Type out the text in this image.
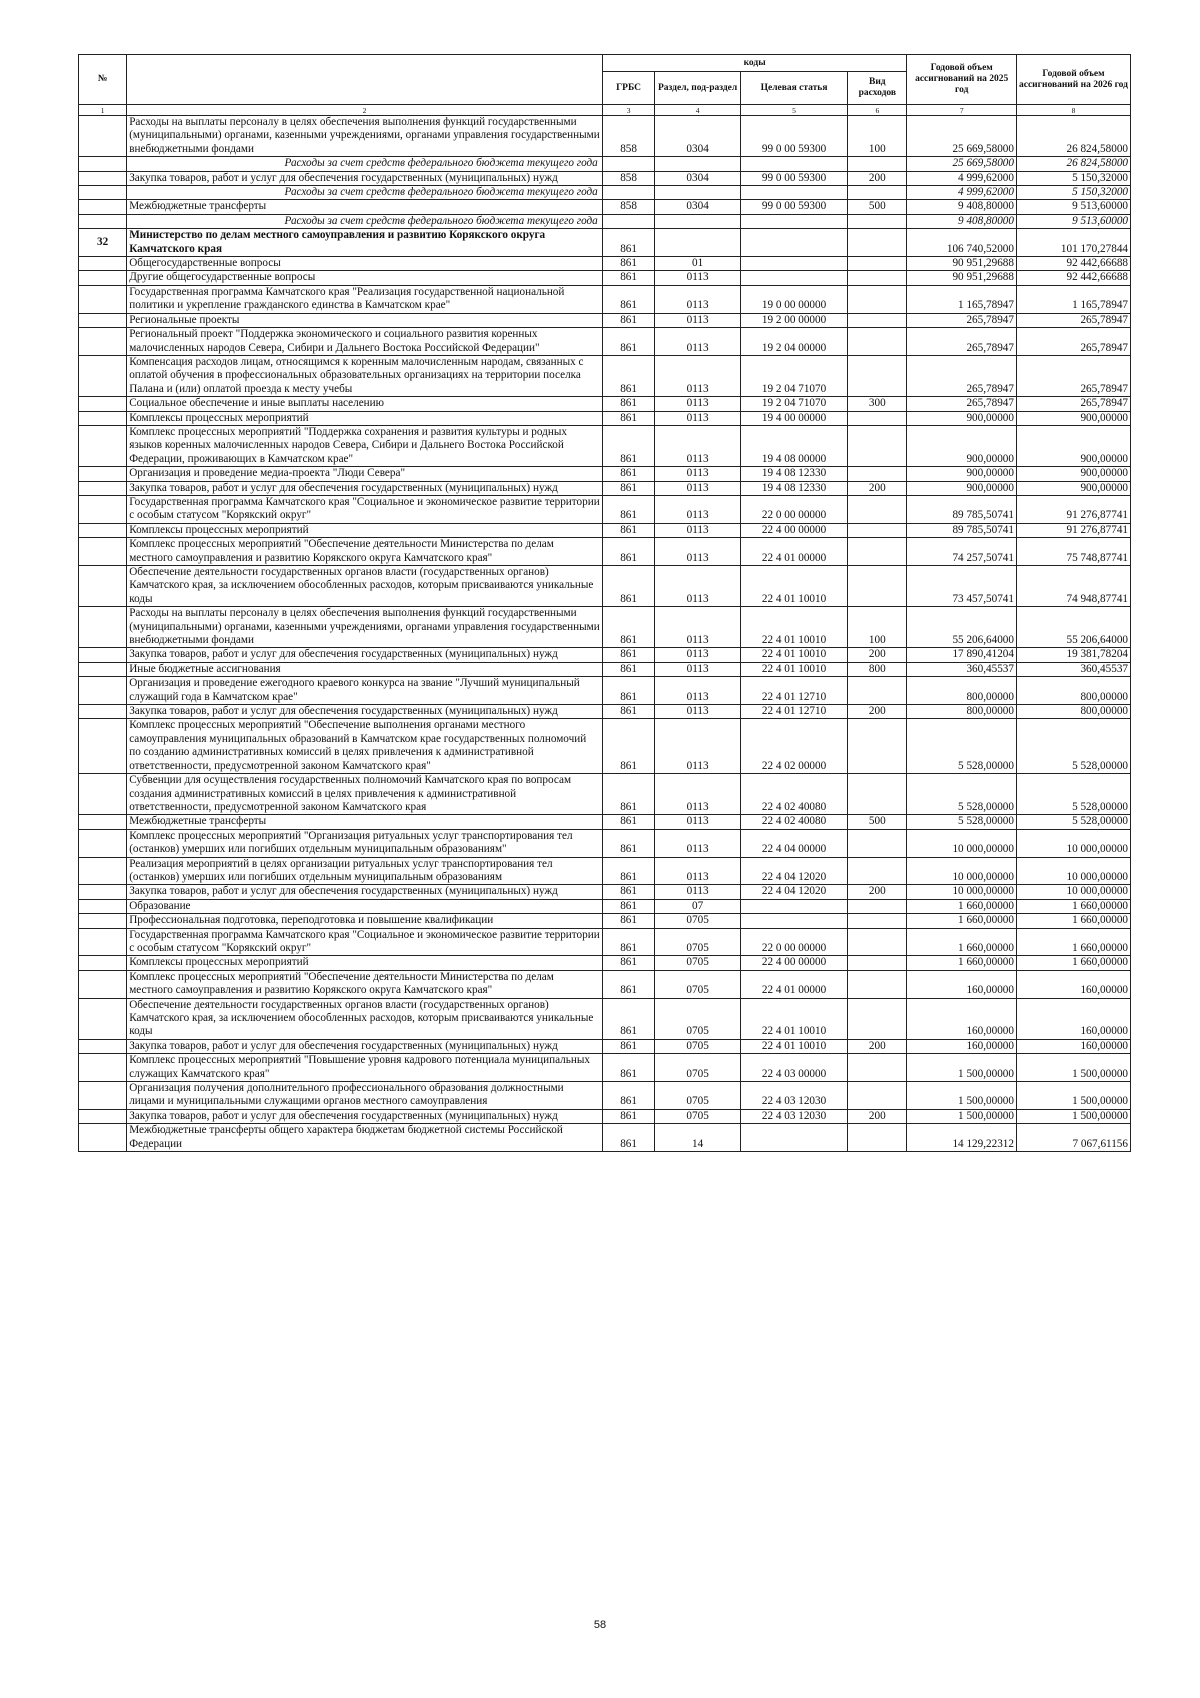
№		коды				Годовой объем ассигнований на 2025 год	Годовой объем ассигнований на 2026 год
		ГРБС	Раздел, под-раздел	Целевая статья	Вид расходов		
1	2	3	4	5	6	7	8
	Расходы на выплаты персоналу в целях обеспечения выполнения функций государственными (муниципальными) органами, казенными учреждениями, органами управления государственными внебюджетными фондами	858	0304	99 0 00 59300	100	25 669,58000	26 824,58000
	Расходы за счет средств федерального бюджета текущего года					25 669,58000	26 824,58000
	Закупка товаров, работ и услуг для обеспечения государственных (муниципальных) нужд	858	0304	99 0 00 59300	200	4 999,62000	5 150,32000
	Расходы за счет средств федерального бюджета текущего года					4 999,62000	5 150,32000
	Межбюджетные трансферты	858	0304	99 0 00 59300	500	9 408,80000	9 513,60000
	Расходы за счет средств федерального бюджета текущего года					9 408,80000	9 513,60000
32	Министерство по делам местного самоуправления и развитию Корякского округа Камчатского края	861				106 740,52000	101 170,27844
	Общегосударственные вопросы	861	01			90 951,29688	92 442,66688
	Другие общегосударственные вопросы	861	0113			90 951,29688	92 442,66688
	Государственная программа Камчатского края "Реализация государственной национальной политики и укрепление гражданского единства в Камчатском крае"	861	0113	19 0 00 00000		1 165,78947	1 165,78947
	Региональные проекты	861	0113	19 2 00 00000		265,78947	265,78947
	Региональный проект "Поддержка экономического и социального развития коренных малочисленных народов Севера, Сибири и Дальнего Востока Российской Федерации"	861	0113	19 2 04 00000		265,78947	265,78947
	Компенсация расходов лицам, относящимся к коренным малочисленным народам, связанных с оплатой обучения в профессиональных образовательных организациях на территории поселка Палана и (или) оплатой проезда к месту учебы	861	0113	19 2 04 71070		265,78947	265,78947
	Социальное обеспечение и иные выплаты населению	861	0113	19 2 04 71070	300	265,78947	265,78947
	Комплексы процессных мероприятий	861	0113	19 4 00 00000		900,00000	900,00000
	Комплекс процессных мероприятий "Поддержка сохранения и развития культуры и родных языков коренных малочисленных народов Севера, Сибири и Дальнего Востока Российской Федерации, проживающих в Камчатском крае"	861	0113	19 4 08 00000		900,00000	900,00000
	Организация и проведение медиа-проекта "Люди Севера"	861	0113	19 4 08 12330		900,00000	900,00000
	Закупка товаров, работ и услуг для обеспечения государственных (муниципальных) нужд	861	0113	19 4 08 12330	200	900,00000	900,00000
	Государственная программа Камчатского края "Социальное и экономическое развитие территории с особым статусом "Корякский округ"	861	0113	22 0 00 00000		89 785,50741	91 276,87741
	Комплексы процессных мероприятий	861	0113	22 4 00 00000		89 785,50741	91 276,87741
	Комплекс процессных мероприятий "Обеспечение деятельности Министерства по делам местного самоуправления и развитию Корякского округа Камчатского края"	861	0113	22 4 01 00000		74 257,50741	75 748,87741
	Обеспечение деятельности государственных органов власти (государственных органов) Камчатского края, за исключением обособленных расходов, которым присваиваются уникальные коды	861	0113	22 4 01 10010		73 457,50741	74 948,87741
	Расходы на выплаты персоналу в целях обеспечения выполнения функций государственными (муниципальными) органами, казенными учреждениями, органами управления государственными внебюджетными фондами	861	0113	22 4 01 10010	100	55 206,64000	55 206,64000
	Закупка товаров, работ и услуг для обеспечения государственных (муниципальных) нужд	861	0113	22 4 01 10010	200	17 890,41204	19 381,78204
	Иные бюджетные ассигнования	861	0113	22 4 01 10010	800	360,45537	360,45537
	Организация и проведение ежегодного краевого конкурса на звание "Лучший муниципальный служащий года в Камчатском крае"	861	0113	22 4 01 12710		800,00000	800,00000
	Закупка товаров, работ и услуг для обеспечения государственных (муниципальных) нужд	861	0113	22 4 01 12710	200	800,00000	800,00000
	Комплекс процессных мероприятий "Обеспечение выполнения органами местного самоуправления муниципальных образований в Камчатском крае государственных полномочий по созданию административных комиссий в целях привлечения к административной ответственности, предусмотренной законом Камчатского края"	861	0113	22 4 02 00000		5 528,00000	5 528,00000
	Субвенции для осуществления государственных полномочий Камчатского края по вопросам создания административных комиссий в целях привлечения к административной ответственности, предусмотренной законом Камчатского края	861	0113	22 4 02 40080		5 528,00000	5 528,00000
	Межбюджетные трансферты	861	0113	22 4 02 40080	500	5 528,00000	5 528,00000
	Комплекс процессных мероприятий "Организация ритуальных услуг транспортирования тел (останков) умерших или погибших отдельным муниципальным образованиям"	861	0113	22 4 04 00000		10 000,00000	10 000,00000
	Реализация мероприятий в целях организации ритуальных услуг транспортирования тел (останков) умерших или погибших отдельным муниципальным образованиям	861	0113	22 4 04 12020		10 000,00000	10 000,00000
	Закупка товаров, работ и услуг для обеспечения государственных (муниципальных) нужд	861	0113	22 4 04 12020	200	10 000,00000	10 000,00000
	Образование	861	07			1 660,00000	1 660,00000
	Профессиональная подготовка, переподготовка и повышение квалификации	861	0705			1 660,00000	1 660,00000
	Государственная программа Камчатского края "Социальное и экономическое развитие территории с особым статусом "Корякский округ"	861	0705	22 0 00 00000		1 660,00000	1 660,00000
	Комплексы процессных мероприятий	861	0705	22 4 00 00000		1 660,00000	1 660,00000
	Комплекс процессных мероприятий "Обеспечение деятельности Министерства по делам местного самоуправления и развитию Корякского округа Камчатского края"	861	0705	22 4 01 00000		160,00000	160,00000
	Обеспечение деятельности государственных органов власти (государственных органов) Камчатского края, за исключением обособленных расходов, которым присваиваются уникальные коды	861	0705	22 4 01 10010		160,00000	160,00000
	Закупка товаров, работ и услуг для обеспечения государственных (муниципальных) нужд	861	0705	22 4 01 10010	200	160,00000	160,00000
	Комплекс процессных мероприятий "Повышение уровня кадрового потенциала муниципальных служащих Камчатского края"	861	0705	22 4 03 00000		1 500,00000	1 500,00000
	Организация получения дополнительного профессионального образования должностными лицами и муниципальными служащими органов местного самоуправления	861	0705	22 4 03 12030		1 500,00000	1 500,00000
	Закупка товаров, работ и услуг для обеспечения государственных (муниципальных) нужд	861	0705	22 4 03 12030	200	1 500,00000	1 500,00000
	Межбюджетные трансферты общего характера бюджетам бюджетной системы Российской Федерации	861	14			14 129,22312	7 067,61156
58
